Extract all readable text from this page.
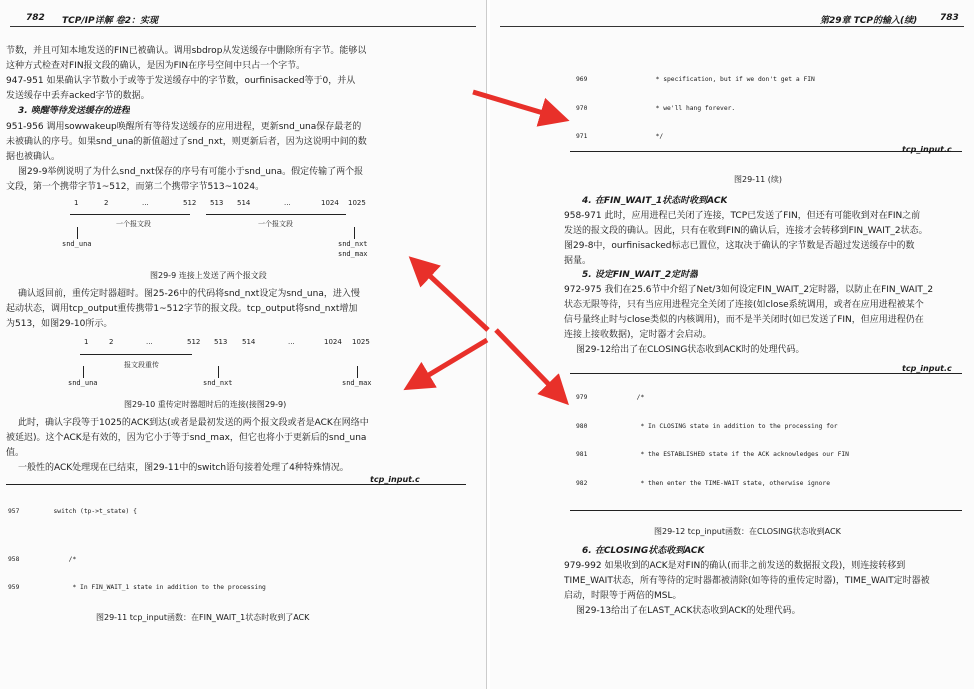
782 TCP/IP详解 卷2：实现
节数，并且可知本地发送的FIN已被确认。调用sbdrop从发送缓存中删除所有字节。能够以
这种方式检查对FIN报文段的确认，是因为FIN在序号空间中只占一个字节。
947-951 如果确认字节数小于或等于发送缓存中的字节数，ourfinisacked等于0，并从
发送缓存中丢弃acked字节的数据。
3. 唤醒等待发送缓存的进程
951-956 调用sowwakeup唤醒所有等待发送缓存的应用进程，更新snd_una保存最老的
未被确认的序号。如果snd_una的新值超过了snd_nxt，则更新后者，因为这说明中间的数
据也被确认。
图29-9举例说明了为什么snd_nxt保存的序号有可能小于snd_una。假定传输了两个报
文段，第一个携带字节1~512，而第二个携带字节513~1024。
1	2	...	512 513 514	...	1024 1025
一个报文段	一个报文段
snd_una	snd_nxt
snd_max
图29-9 连接上发送了两个报文段
确认返回前，重传定时器超时。图25-26中的代码将snd_nxt设定为snd_una，进入慢
起动状态，调用tcp_output重传携带1~512字节的报文段。tcp_output将snd_nxt增加
为513，如图29-10所示。
1	2	...	512 513 514	...	1024 1025
报文段重传
snd_una	snd_nxt	snd_max
图29-10 重传定时器超时后的连接(接图29-9)
此时，确认字段等于1025的ACK到达(或者是最初发送的两个报文段或者是ACK在网络中
被延迟)。这个ACK是有效的，因为它小于等于snd_max，但它也将小于更新后的snd_una
值。
一般性的ACK处理现在已结束，图29-11中的switch语句接着处理了4种特殊情况。
tcp_input.c

957         switch (tp->t_state) {

958             /*

959              * In FIN_WAIT_1 state in addition to the processing

图29-11 tcp_input函数：在FIN_WAIT_1状态时收到了ACK
第29章 TCP的输入(续)	783

969                  * specification, but if we don't get a FIN

970                  * we'll hang forever.

971                  */

tcp_input.c
图29-11 (续)
4. 在FIN_WAIT_1状态时收到ACK
958-971 此时，应用进程已关闭了连接，TCP已发送了FIN，但还有可能收到对在FIN之前
发送的报文段的确认。因此，只有在收到FIN的确认后，连接才会转移到FIN_WAIT_2状态。
图29-8中，ourfinisacked标志已置位，这取决于确认的字节数是否超过发送缓存中的数
据量。
5. 设定FIN_WAIT_2定时器
972-975 我们在25.6节中介绍了Net/3如何设定FIN_WAIT_2定时器，以防止在FIN_WAIT_2
状态无限等待，只有当应用进程完全关闭了连接(如close系统调用，或者在应用进程被某个
信号量终止时与close类似的内核调用)，而不是半关闭时(如已发送了FIN，但应用进程仍在
连接上接收数据)，定时器才会启动。
图29-12给出了在CLOSING状态收到ACK时的处理代码。
tcp_input.c

979             /*

980              * In CLOSING state in addition to the processing for

981              * the ESTABLISHED state if the ACK acknowledges our FIN

982              * then enter the TIME-WAIT state, otherwise ignore

图29-12 tcp_input函数：在CLOSING状态收到ACK
6. 在CLOSING状态收到ACK
979-992 如果收到的ACK是对FIN的确认(而非之前发送的数据报文段)，则连接转移到
TIME_WAIT状态，所有等待的定时器都被清除(如等待的重传定时器)，TIME_WAIT定时器被
启动，时限等于两倍的MSL。
图29-13给出了在LAST_ACK状态收到ACK的处理代码。
